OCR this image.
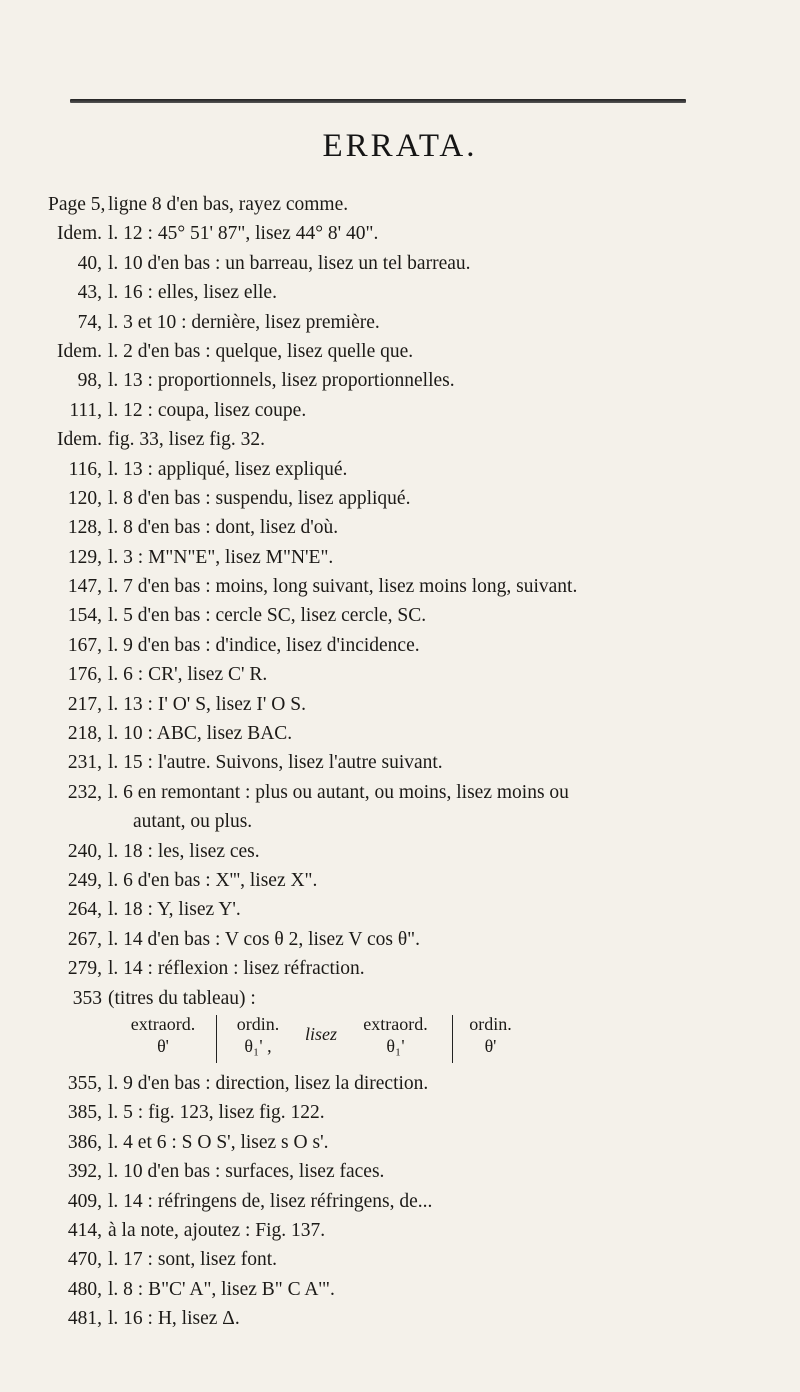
ERRATA.
Page 5, ligne 8 d'en bas, rayez comme.
Idem. l. 12 : 45° 51' 87", lisez 44° 8' 40".
40, l. 10 d'en bas : un barreau, lisez un tel barreau.
43, l. 16 : elles, lisez elle.
74, l. 3 et 10 : dernière, lisez première.
Idem. l. 2 d'en bas : quelque, lisez quelle que.
98, l. 13 : proportionnels, lisez proportionnelles.
111, l. 12 : coupa, lisez coupe.
Idem. fig. 33, lisez fig. 32.
116, l. 13 : appliqué, lisez expliqué.
120, l. 8 d'en bas : suspendu, lisez appliqué.
128, l. 8 d'en bas : dont, lisez d'où.
129, l. 3 : M"N"E", lisez M"N'E".
147, l. 7 d'en bas : moins, long suivant, lisez moins long, suivant.
154, l. 5 d'en bas : cercle SC, lisez cercle, SC.
167, l. 9 d'en bas : d'indice, lisez d'incidence.
176, l. 6 : CR', lisez C' R.
217, l. 13 : I' O' S, lisez I' O S.
218, l. 10 : ABC, lisez BAC.
231, l. 15 : l'autre. Suivons, lisez l'autre suivant.
232, l. 6 en remontant : plus ou autant, ou moins, lisez moins ou
autant, ou plus.
240, l. 18 : les, lisez ces.
249, l. 6 d'en bas : X''', lisez X".
264, l. 18 : Y, lisez Y'.
267, l. 14 d'en bas : V cos θ 2, lisez V cos θ".
279, l. 14 : réflexion : lisez réfraction.
353 (titres du tableau) :
extraord.
θ'
ordin.
θ₁' ,
lisez	extraord.
θ₁'
ordin.
θ'
355, l. 9 d'en bas : direction, lisez la direction.
385, l. 5 : fig. 123, lisez fig. 122.
386, l. 4 et 6 : S O S', lisez s O s'.
392, l. 10 d'en bas : surfaces, lisez faces.
409, l. 14 : réfringens de, lisez réfringens, de...
414, à la note, ajoutez : Fig. 137.
470, l. 17 : sont, lisez font.
480, l. 8 : B"C' A", lisez B" C A'".
481, l. 16 : H, lisez Δ.
